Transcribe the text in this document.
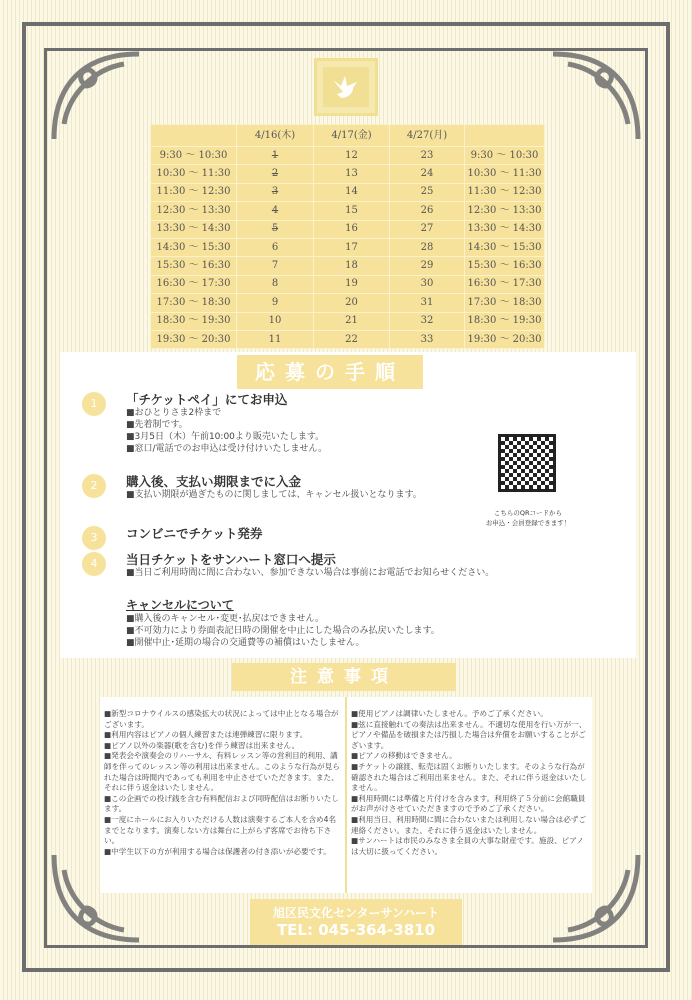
	4/16(木)	4/17(金)	4/27(月)	
9:30 ～ 10:30	1	12	23	9:30 ～ 10:30
10:30 ～ 11:30	2	13	24	10:30 ～ 11:30
11:30 ～ 12:30	3	14	25	11:30 ～ 12:30
12:30 ～ 13:30	4	15	26	12:30 ～ 13:30
13:30 ～ 14:30	5	16	27	13:30 ～ 14:30
14:30 ～ 15:30	6	17	28	14:30 ～ 15:30
15:30 ～ 16:30	7	18	29	15:30 ～ 16:30
16:30 ～ 17:30	8	19	30	16:30 ～ 17:30
17:30 ～ 18:30	9	20	31	17:30 ～ 18:30
18:30 ～ 19:30	10	21	32	18:30 ～ 19:30
19:30 ～ 20:30	11	22	33	19:30 ～ 20:30
応募の手順
1	「チケットペイ」にてお申込
■おひとりさま2枠まで
■先着制です。
■3月5日（木）午前10:00より販売いたします。
■窓口/電話でのお申込は受け付けいたしません。
2	購入後、支払い期限までに入金
■支払い期限が過ぎたものに関しましては、キャンセル扱いとなります。
3	コンビニでチケット発券
4	当日チケットをサンハート窓口へ提示
■当日ご利用時間に間に合わない、参加できない場合は事前にお電話でお知らせください。
こちらのQRコードから
お申込・会員登録できます！
キャンセルについて
■購入後のキャンセル･変更･払戻はできません。
■不可効力により券面表記日時の開催を中止にした場合のみ払戻いたします。
■開催中止･延期の場合の交通費等の補償はいたしません。
注意事項
■新型コロナウイルスの感染拡大の状況によっては中止となる場合がございます。
■利用内容はピアノの個人練習または連弾練習に限ります。
■ピアノ以外の楽器(歌を含む)を伴う練習は出来ません。
■発表会や演奏会のリハーサル、有料レッスン等の営利目的利用、講師を伴ってのレッスン等の利用は出来ません。このような行為が見られた場合は時間内であっても利用を中止させていただきます。また、それに伴う返金はいたしません。
■この企画での投げ銭を含む有料配信および同時配信はお断りいたします。
■一度にホールにお入りいただける人数は演奏するご本人を含め4名までとなります。演奏しない方は舞台に上がらず客席でお待ち下さい。
■中学生以下の方が利用する場合は保護者の付き添いが必要です。
■使用ピアノは調律いたしません。予めご了承ください。
■弦に直接触れての奏法は出来ません。不適切な使用を行い万が一、ピアノや備品を破損または汚損した場合は弁償をお願いすることがございます。
■ピアノの移動はできません。
■チケットの譲渡、転売は固くお断りいたします。そのような行為が確認された場合はご利用出来ません。また、それに伴う返金はいたしません。
■利用時間には準備と片付けを含みます。利用終了５分前に会館職員がお声がけさせていただきますので予めご了承ください。
■利用当日、利用時間に間に合わないまたは利用しない場合は必ずご連絡ください。また、それに伴う返金はいたしません。
■サンハートは市民のみなさま全員の大事な財産です。施設、ピアノは大切に扱ってください。
旭区民文化センターサンハート
TEL: 045-364-3810
